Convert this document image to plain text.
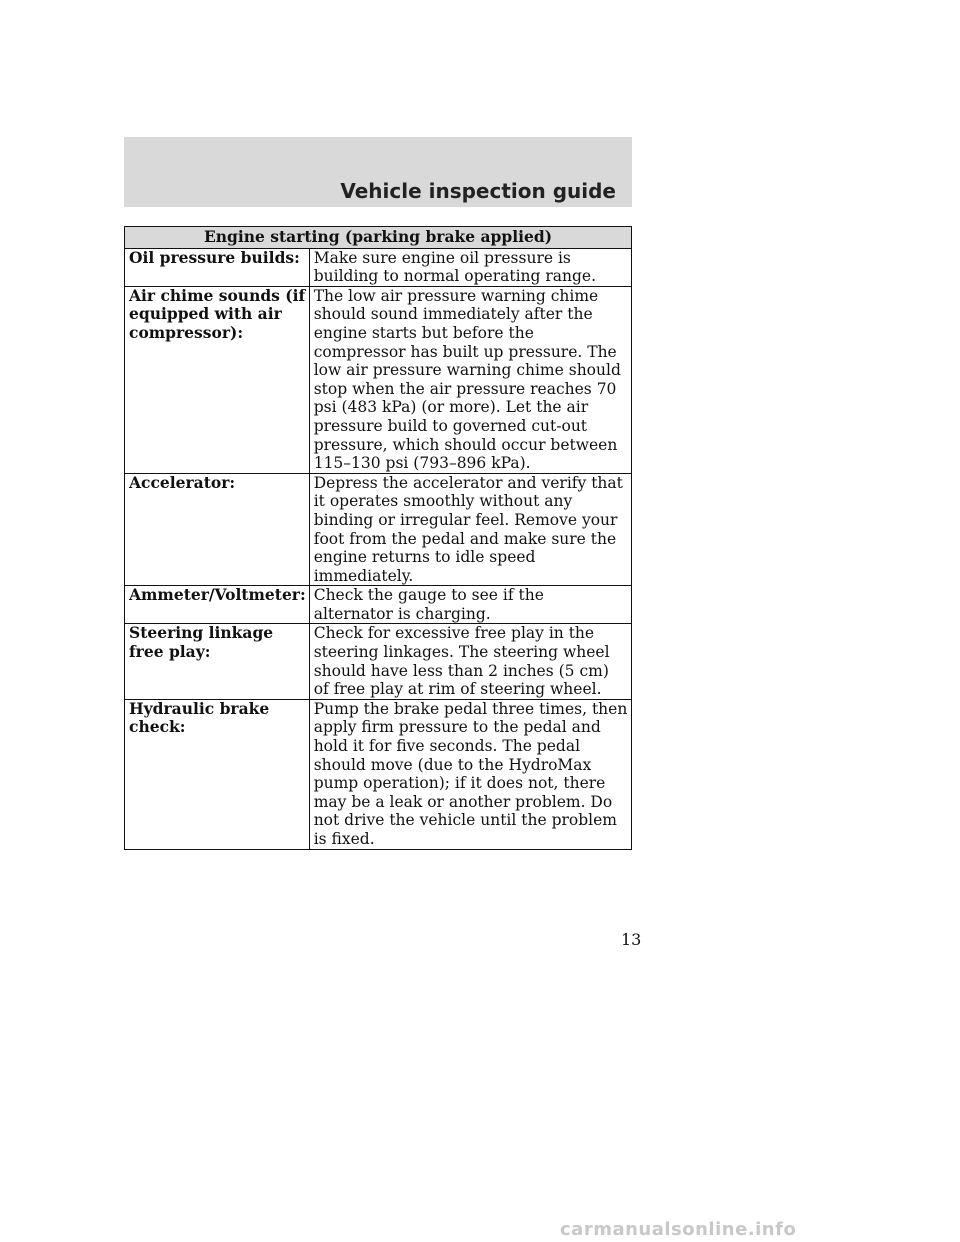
Vehicle inspection guide
Engine starting (parking brake applied)	
Oil pressure builds:	Make sure engine oil pressure is building to normal operating range.
Air chime sounds (if equipped with air compressor):	The low air pressure warning chime should sound immediately after the engine starts but before the compressor has built up pressure. The low air pressure warning chime should stop when the air pressure reaches 70 psi (483 kPa) (or more). Let the air pressure build to governed cut-out pressure, which should occur between 115–130 psi (793–896 kPa).
Accelerator:	Depress the accelerator and verify that it operates smoothly without any binding or irregular feel. Remove your foot from the pedal and make sure the engine returns to idle speed immediately.
Ammeter/Voltmeter:	Check the gauge to see if the alternator is charging.
Steering linkage free play:	Check for excessive free play in the steering linkages. The steering wheel should have less than 2 inches (5 cm) of free play at rim of steering wheel.
Hydraulic brake check:	Pump the brake pedal three times, then apply firm pressure to the pedal and hold it for five seconds. The pedal should move (due to the HydroMax pump operation); if it does not, there may be a leak or another problem. Do not drive the vehicle until the problem is fixed.
13
carmanualsonline.info
